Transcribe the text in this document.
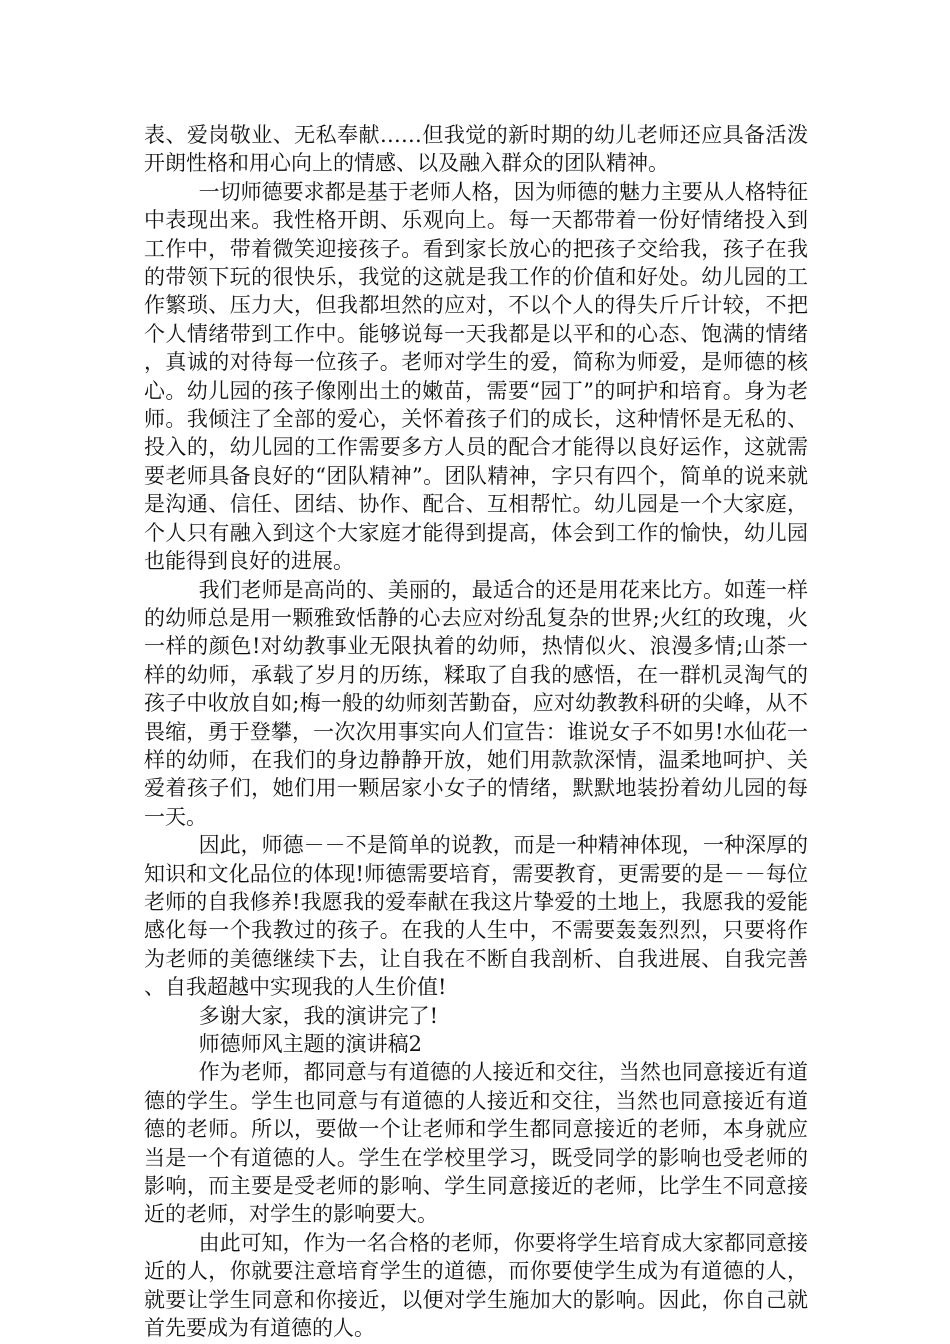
表、爱岗敬业、无私奉献……但我觉的新时期的幼儿老师还应具备活泼开朗性格和用心向上的情感、以及融入群众的团队精神。

一切师德要求都是基于老师人格，因为师德的魅力主要从人格特征中表现出来。我性格开朗、乐观向上。每一天都带着一份好情绪投入到工作中，带着微笑迎接孩子。看到家长放心的把孩子交给我，孩子在我的带领下玩的很快乐，我觉的这就是我工作的价值和好处。幼儿园的工作繁琐、压力大，但我都坦然的应对，不以个人的得失斤斤计较，不把个人情绪带到工作中。能够说每一天我都是以平和的心态、饱满的情绪，真诚的对待每一位孩子。老师对学生的爱，简称为师爱，是师德的核心。幼儿园的孩子像刚出土的嫩苗，需要“园丁”的呵护和培育。身为老师。我倾注了全部的爱心，关怀着孩子们的成长，这种情怀是无私的、投入的，幼儿园的工作需要多方人员的配合才能得以良好运作，这就需要老师具备良好的“团队精神”。团队精神，字只有四个，简单的说来就是沟通、信任、团结、协作、配合、互相帮忙。幼儿园是一个大家庭，个人只有融入到这个大家庭才能得到提高，体会到工作的愉快，幼儿园也能得到良好的进展。

我们老师是高尚的、美丽的，最适合的还是用花来比方。如莲一样的幼师总是用一颗雅致恬静的心去应对纷乱复杂的世界;火红的玫瑰，火一样的颜色!对幼教事业无限执着的幼师，热情似火、浪漫多情;山茶一样的幼师，承载了岁月的历练，糅取了自我的感悟，在一群机灵淘气的孩子中收放自如;梅一般的幼师刻苦勤奋，应对幼教教科研的尖峰，从不畏缩，勇于登攀，一次次用事实向人们宣告：谁说女子不如男!水仙花一样的幼师，在我们的身边静静开放，她们用款款深情，温柔地呵护、关爱着孩子们，她们用一颗居家小女子的情绪，默默地装扮着幼儿园的每一天。

因此，师德－－不是简单的说教，而是一种精神体现，一种深厚的知识和文化品位的体现!师德需要培育，需要教育，更需要的是－－每位老师的自我修养!我愿我的爱奉献在我这片挚爱的土地上，我愿我的爱能感化每一个我教过的孩子。在我的人生中，不需要轰轰烈烈，只要将作为老师的美德继续下去，让自我在不断自我剖析、自我进展、自我完善、自我超越中实现我的人生价值!

多谢大家，我的演讲完了!

师德师风主题的演讲稿2

作为老师，都同意与有道德的人接近和交往，当然也同意接近有道德的学生。学生也同意与有道德的人接近和交往，当然也同意接近有道德的老师。所以，要做一个让老师和学生都同意接近的老师，本身就应当是一个有道德的人。学生在学校里学习，既受同学的影响也受老师的影响，而主要是受老师的影响、学生同意接近的老师，比学生不同意接近的老师，对学生的影响要大。

由此可知，作为一名合格的老师，你要将学生培育成大家都同意接近的人，你就要注意培育学生的道德，而你要使学生成为有道德的人，就要让学生同意和你接近，以便对学生施加大的影响。因此，你自己就首先要成为有道德的人。
